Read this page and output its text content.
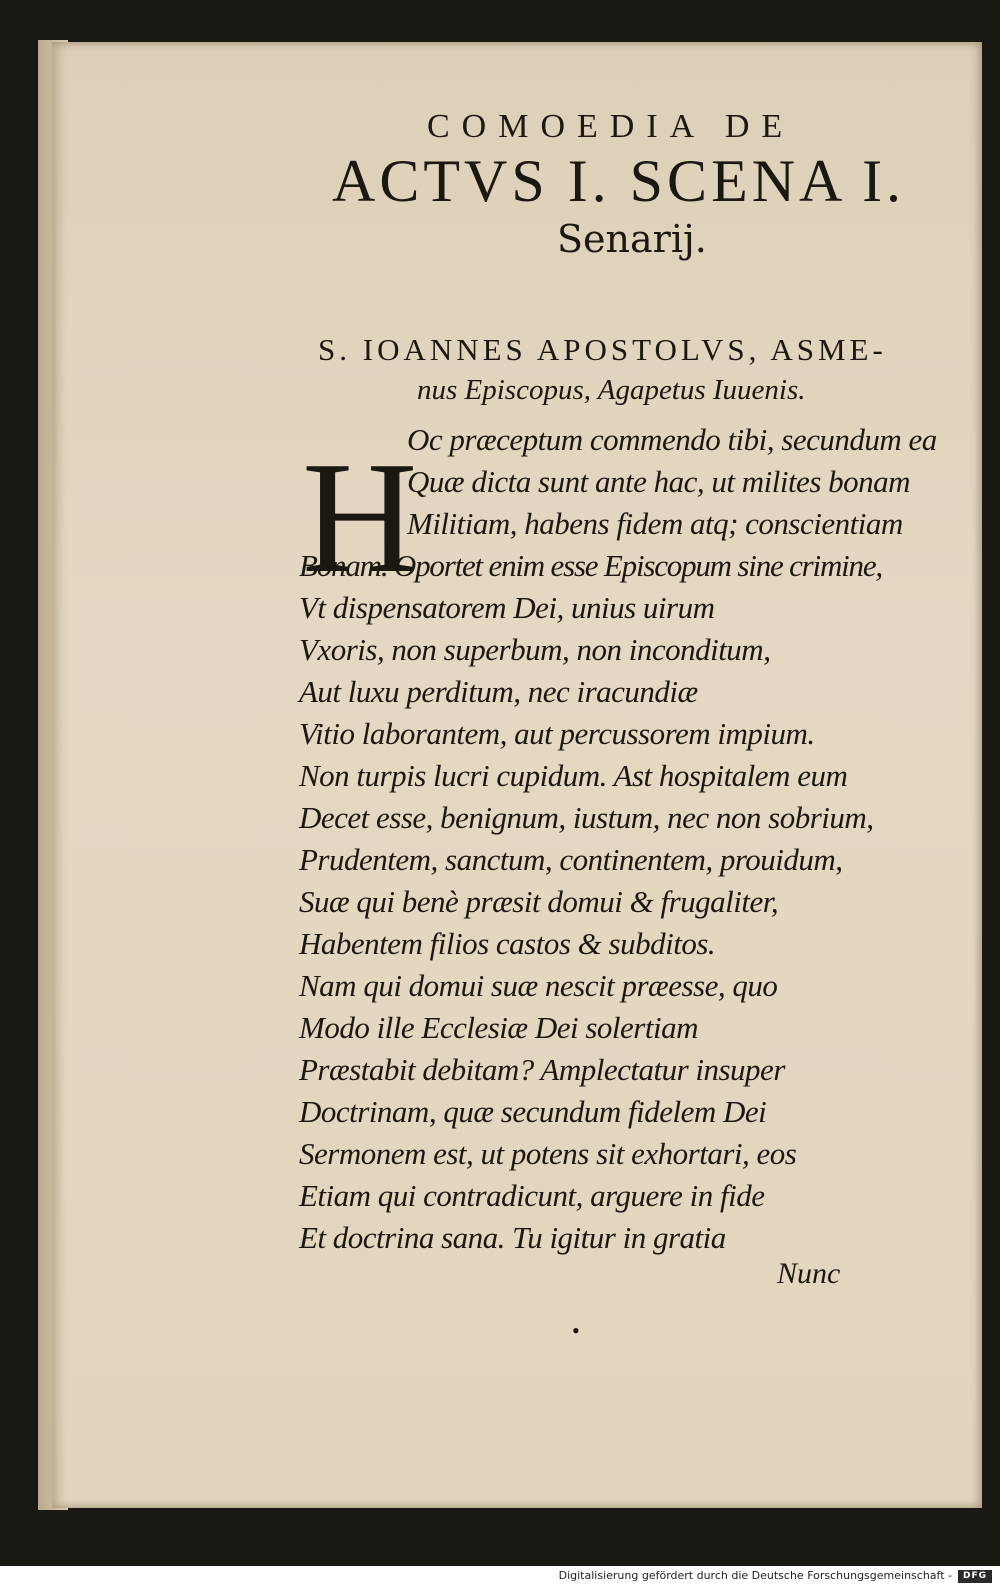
COMOEDIA DE
ACTVS I. SCENA I.
Senarij.
S. IOANNES APOSTOLVS, ASME-
nus Episcopus, Agapetus Iuuenis.
H
Oc præceptum commendo tibi, secundum ea
Quæ dicta sunt ante hac, ut milites bonam
Militiam, habens fidem atq; conscientiam
Bonam. Oportet enim esse Episcopum sine crimine,
Vt dispensatorem Dei, unius uirum
Vxoris, non superbum, non inconditum,
Aut luxu perditum, nec iracundiæ
Vitio laborantem, aut percussorem impium.
Non turpis lucri cupidum. Ast hospitalem eum
Decet esse, benignum, iustum, nec non sobrium,
Prudentem, sanctum, continentem, prouidum,
Suæ qui benè præsit domui & frugaliter,
Habentem filios castos & subditos.
Nam qui domui suæ nescit præesse, quo
Modo ille Ecclesiæ Dei solertiam
Præstabit debitam? Amplectatur insuper
Doctrinam, quæ secundum fidelem Dei
Sermonem est, ut potens sit exhortari, eos
Etiam qui contradicunt, arguere in fide
Et doctrina sana. Tu igitur in gratia
Nunc
•
Digitalisierung gefördert durch die Deutsche Forschungsgemeinschaft -	DFG
